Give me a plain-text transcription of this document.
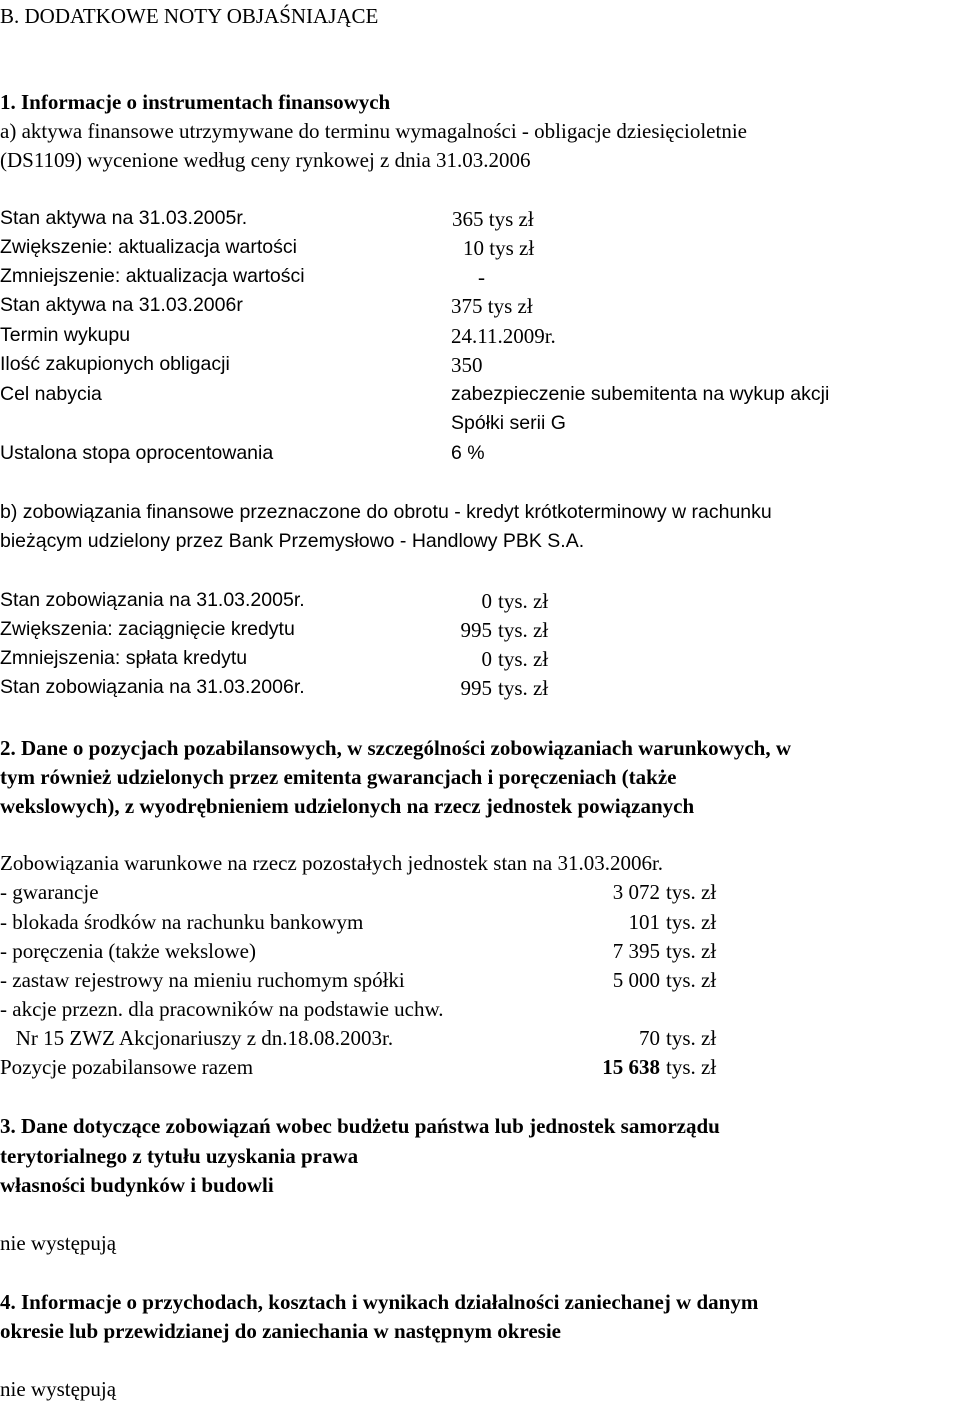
B. DODATKOWE NOTY OBJAŚNIAJĄCE
1. Informacje o instrumentach finansowych
a) aktywa finansowe utrzymywane do terminu wymagalności - obligacje dziesięcioletnie
(DS1109) wycenione według ceny rynkowej z dnia 31.03.2006
Stan aktywa na 31.03.2005r.	365 tys zł
Zwiększenie: aktualizacja wartości	10 tys zł
Zmniejszenie: aktualizacja wartości	-
Stan aktywa na 31.03.2006r	375 tys zł
Termin wykupu	24.11.2009r.
Ilość zakupionych obligacji	350
Cel nabycia	zabezpieczenie subemitenta na wykup akcji
Spółki serii G
Ustalona stopa oprocentowania	6 %
b) zobowiązania finansowe przeznaczone do obrotu - kredyt krótkoterminowy w rachunku
bieżącym udzielony przez Bank Przemysłowo - Handlowy PBK S.A.
Stan zobowiązania na 31.03.2005r.	0 tys. zł
Zwiększenia: zaciągnięcie kredytu	995 tys. zł
Zmniejszenia: spłata kredytu	0 tys. zł
Stan zobowiązania na 31.03.2006r.	995 tys. zł
2. Dane o pozycjach pozabilansowych, w szczególności zobowiązaniach warunkowych, w
tym również udzielonych przez emitenta gwarancjach i poręczeniach (także
wekslowych), z wyodrębnieniem udzielonych na rzecz jednostek powiązanych
Zobowiązania warunkowe na rzecz pozostałych jednostek stan na 31.03.2006r.
- gwarancje	3 072 tys. zł
- blokada środków na rachunku bankowym	101 tys. zł
- poręczenia (także wekslowe)	7 395 tys. zł
- zastaw rejestrowy na mieniu ruchomym spółki	5 000 tys. zł
- akcje przezn. dla pracowników na podstawie uchw.
Nr 15 ZWZ Akcjonariuszy z dn.18.08.2003r.	70 tys. zł
Pozycje pozabilansowe razem	15 638 tys. zł
3. Dane dotyczące zobowiązań wobec budżetu państwa lub jednostek samorządu
terytorialnego z tytułu uzyskania prawa
własności budynków i budowli
nie występują
4. Informacje o przychodach, kosztach i wynikach działalności zaniechanej w danym
okresie lub przewidzianej do zaniechania w następnym okresie
nie występują
